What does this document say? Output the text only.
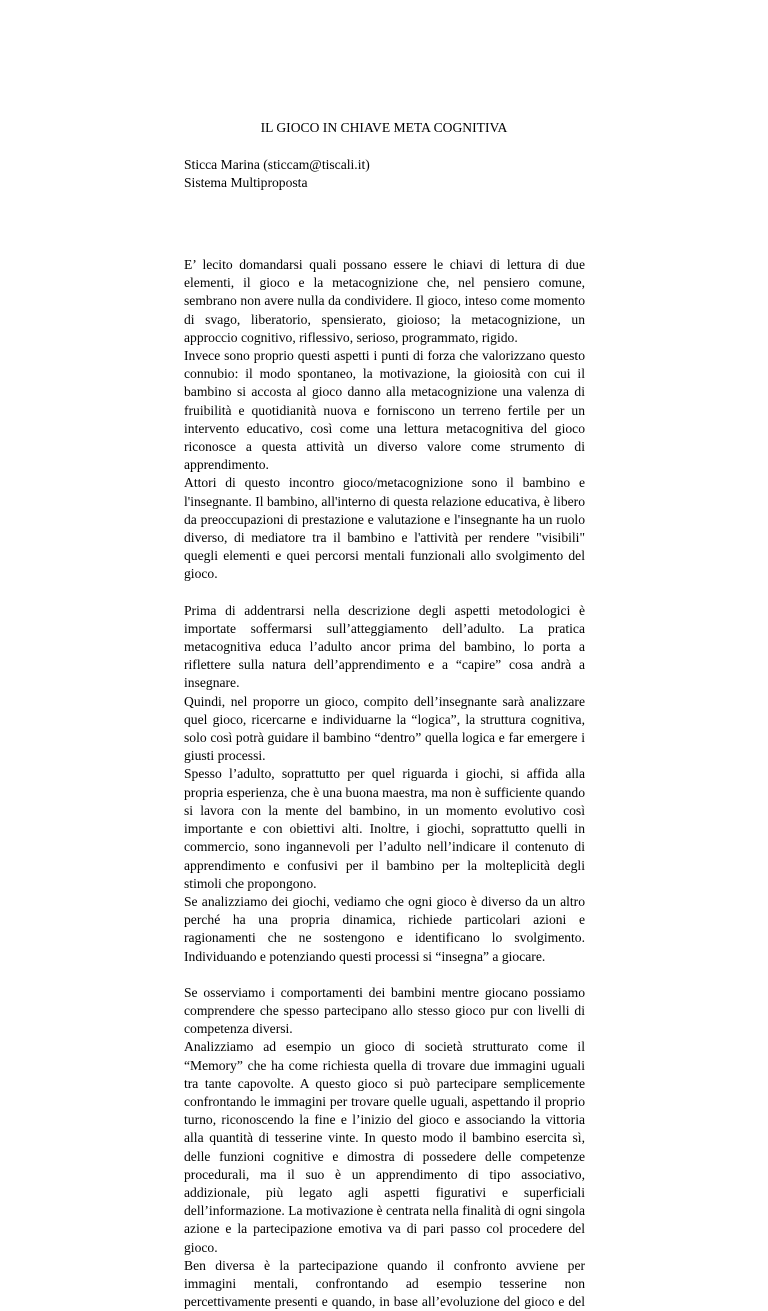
IL GIOCO IN CHIAVE META COGNITIVA
Sticca Marina (sticcam@tiscali.it)
Sistema Multiproposta

E’ lecito domandarsi quali possano essere le chiavi di lettura di due elementi, il gioco e la metacognizione che, nel pensiero comune, sembrano non avere nulla da condividere. Il gioco, inteso come momento di svago, liberatorio, spensierato, gioioso; la metacognizione, un approccio cognitivo, riflessivo, serioso, programmato, rigido.

Invece sono proprio questi aspetti i punti di forza che valorizzano questo connubio: il modo spontaneo, la motivazione, la gioiosità con cui il bambino si accosta al gioco danno alla metacognizione una valenza di fruibilità e quotidianità nuova e forniscono un terreno fertile per un intervento educativo, così come una lettura metacognitiva del gioco riconosce a questa attività un diverso valore come strumento di apprendimento.

Attori di questo incontro gioco/metacognizione sono il bambino e l'insegnante. Il bambino, all'interno di questa relazione educativa, è libero da preoccupazioni di prestazione e valutazione e l'insegnante ha un ruolo diverso, di mediatore tra il bambino e l'attività per rendere "visibili" quegli elementi e quei percorsi mentali funzionali allo svolgimento del gioco.

Prima di addentrarsi nella descrizione degli aspetti metodologici è importate soffermarsi sull’atteggiamento dell’adulto. La pratica metacognitiva educa l’adulto ancor prima del bambino, lo porta a riflettere sulla natura dell’apprendimento e a “capire” cosa andrà a insegnare.

Quindi, nel proporre un gioco, compito dell’insegnante sarà analizzare quel gioco, ricercarne e individuarne la “logica”, la struttura cognitiva, solo così potrà guidare il bambino “dentro” quella logica e far emergere i giusti processi.

Spesso l’adulto, soprattutto per quel riguarda i giochi, si affida alla propria esperienza, che è una buona maestra, ma non è sufficiente quando si lavora con la mente del bambino, in un momento evolutivo così importante e con obiettivi alti. Inoltre, i giochi, soprattutto quelli in commercio, sono ingannevoli per l’adulto nell’indicare il contenuto di apprendimento e confusivi per il bambino per la molteplicità degli stimoli che propongono.

Se analizziamo dei giochi, vediamo che ogni gioco è diverso da un altro perché ha una propria dinamica, richiede particolari azioni e ragionamenti che ne sostengono e identificano lo svolgimento. Individuando e potenziando questi processi si “insegna” a giocare.

Se osserviamo i comportamenti dei bambini mentre giocano possiamo comprendere che spesso partecipano allo stesso gioco pur con livelli di competenza diversi.

Analizziamo ad esempio un gioco di società strutturato come il “Memory” che ha come richiesta quella di trovare due immagini uguali tra tante capovolte. A questo gioco si può partecipare semplicemente confrontando le immagini per trovare quelle uguali, aspettando il proprio turno, riconoscendo la fine e l’inizio del gioco e associando la vittoria alla quantità di tesserine vinte. In questo modo il bambino esercita sì, delle funzioni cognitive e dimostra di possedere delle competenze procedurali, ma il suo è un apprendimento di tipo associativo, addizionale, più legato agli aspetti figurativi e superficiali dell’informazione. La motivazione è centrata nella finalità di ogni singola azione e la partecipazione emotiva va di pari passo col procedere del gioco.

Ben diversa è la partecipazione quando il confronto avviene per immagini mentali, confrontando ad esempio tesserine non percettivamente presenti e quando, in base all’evoluzione del gioco e del
